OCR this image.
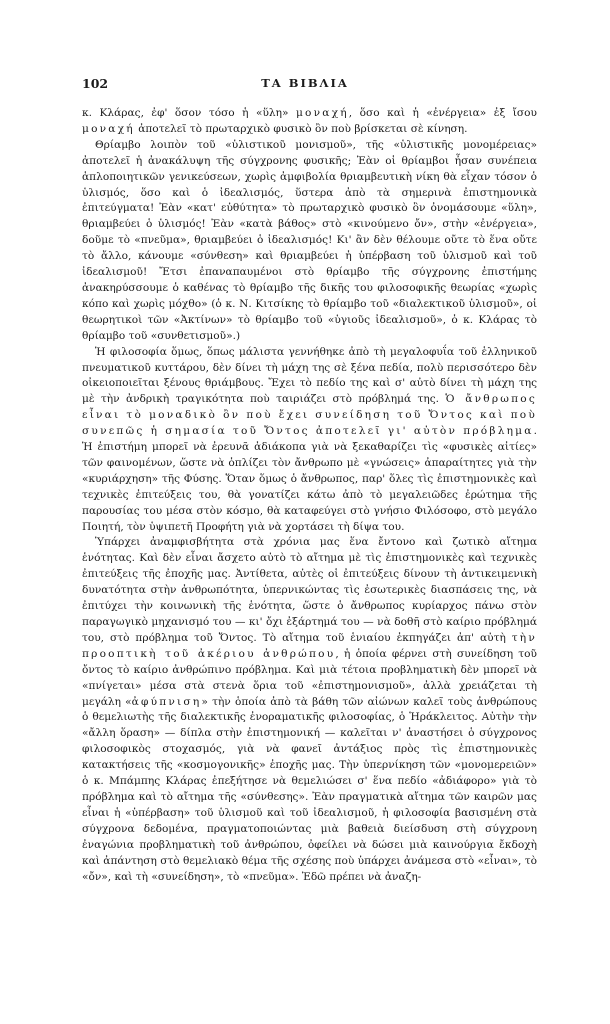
102	ΤΑ ΒΙΒΛΙΑ

κ. Κλάρας, ἐφ' ὅσον τόσο ἡ «ὕλη» μοναχή, ὅσο καὶ ἡ «ἐνέργεια» ἐξ ἴσου μοναχή ἀποτελεῖ τὸ πρωταρχικὸ φυσικὸ ὂν ποὺ βρίσκεται σὲ κίνηση.

Θρίαμβο λοιπὸν τοῦ «ὑλιστικοῦ μονισμοῦ», τῆς «ὑλιστικῆς μονομέρειας» ἀποτελεῖ ἡ ἀνακάλυψη τῆς σύγχρονης φυσικῆς; Ἐὰν οἱ θρίαμβοι ἦσαν συνέπεια ἁπλοποιητικῶν γενικεύσεων, χωρὶς ἀμφιβολία θριαμβευτικὴ νίκη θὰ εἶχαν τόσον ὁ ὑλισμός, ὅσο καὶ ὁ ἰδεαλισμός, ὕστερα ἀπὸ τὰ σημερινὰ ἐπιστημονικὰ ἐπιτεύγματα! Ἐὰν «κατ' εὐθύτητα» τὸ πρωταρχικὸ φυσικὸ ὂν ὀνομάσουμε «ὕλη», θριαμβεύει ὁ ὑλισμός! Ἐὰν «κατὰ βάθος» στὸ «κινούμενο ὄν», στὴν «ἐνέργεια», δοῦμε τὸ «πνεῦμα», θριαμβεύει ὁ ἰδεαλισμός! Κι' ἂν δὲν θέλουμε οὔτε τὸ ἕνα οὔτε τὸ ἄλλο, κάνουμε «σύνθεση» καὶ θριαμβεύει ἡ ὑπέρβαση τοῦ ὑλισμοῦ καὶ τοῦ ἰδεαλισμοῦ! Ἔτσι ἐπαναπαυμένοι στὸ θρίαμβο τῆς σύγχρονης ἐπιστήμης ἀνακηρύσσουμε ὁ καθένας τὸ θρίαμβο τῆς δικῆς του φιλοσοφικῆς θεωρίας «χωρὶς κόπο καὶ χωρὶς μόχθο» (ὁ κ. Ν. Κιτσίκης τὸ θρίαμβο τοῦ «διαλεκτικοῦ ὑλισμοῦ», οἱ θεωρητικοὶ τῶν «Ἀκτίνων» τὸ θρίαμβο τοῦ «ὑγιοῦς ἰδεαλισμοῦ», ὁ κ. Κλάρας τὸ θρίαμβο τοῦ «συνθετισμοῦ».)

Ἡ φιλοσοφία ὅμως, ὅπως μάλιστα γεννήθηκε ἀπὸ τὴ μεγαλοφυΐα τοῦ ἑλληνικοῦ πνευματικοῦ κυττάρου, δὲν δίνει τὴ μάχη της σὲ ξένα πεδία, πολὺ περισσότερο δὲν οἰκειοποιεῖται ξένους θριάμβους. Ἔχει τὸ πεδίο της καὶ σ' αὐτὸ δίνει τὴ μάχη της μὲ τὴν ἀνδρικὴ τραγικότητα ποὺ ταιριάζει στὸ πρόβλημά της. Ὁ ἄνθρωπος εἶναι τὸ μοναδικὸ ὂν ποὺ ἔχει συνείδηση τοῦ Ὄντος καὶ ποὺ συνεπῶς ἡ σημασία τοῦ Ὄντος ἀποτελεῖ γι' αὐτὸν πρόβλημα. Ἡ ἐπιστήμη μπορεῖ νὰ ἐρευνᾶ ἀδιάκοπα γιὰ νὰ ξεκαθαρίζει τὶς «φυσικὲς αἰτίες» τῶν φαινομένων, ὥστε νὰ ὁπλίζει τὸν ἄνθρωπο μὲ «γνώσεις» ἀπαραίτητες γιὰ τὴν «κυριάρχηση» τῆς Φύσης. Ὅταν ὅμως ὁ ἄνθρωπος, παρ' ὅλες τὶς ἐπιστημονικὲς καὶ τεχνικὲς ἐπιτεύξεις του, θὰ γονατίζει κάτω ἀπὸ τὸ μεγαλειῶδες ἐρώτημα τῆς παρουσίας του μέσα στὸν κόσμο, θὰ καταφεύγει στὸ γνήσιο Φιλόσοφο, στὸ μεγάλο Ποιητή, τὸν ὑψιπετῆ Προφήτη γιὰ νὰ χορτάσει τὴ δίψα του.

Ὑπάρχει ἀναμφισβήτητα στὰ χρόνια μας ἕνα ἔντονο καὶ ζωτικὸ αἴτημα ἑνότητας. Καὶ δὲν εἶναι ἄσχετο αὐτὸ τὸ αἴτημα μὲ τὶς ἐπιστημονικὲς καὶ τεχνικὲς ἐπιτεύξεις τῆς ἐποχῆς μας. Ἀντίθετα, αὐτὲς οἱ ἐπιτεύξεις δίνουν τὴ ἀντικειμενικὴ δυνατότητα στὴν ἀνθρωπότητα, ὑπερνικώντας τὶς ἐσωτερικὲς διασπάσεις της, νὰ ἐπιτύχει τὴν κοινωνικὴ τῆς ἑνότητα, ὥστε ὁ ἄνθρωπος κυρίαρχος πάνω στὸν παραγωγικὸ μηχανισμό του — κι' ὄχι ἐξάρτημά του — νὰ δοθῆ στὸ καίριο πρόβλημά του, στὸ πρόβλημα τοῦ Ὄντος. Τὸ αἴτημα τοῦ ἑνιαίου ἐκπηγάζει ἀπ' αὐτὴ τὴν προοπτικὴ τοῦ ἀκέριου ἀνθρώπου, ἡ ὁποία φέρνει στὴ συνείδηση τοῦ ὄντος τὸ καίριο ἀνθρώπινο πρόβλημα. Καὶ μιὰ τέτοια προβληματικὴ δὲν μπορεῖ νὰ «πνίγεται» μέσα στὰ στενὰ ὅρια τοῦ «ἐπιστημονισμοῦ», ἀλλὰ χρειάζεται τὴ μεγάλη «ἀφύπνιση» τὴν ὁποία ἀπὸ τὰ βάθη τῶν αἰώνων καλεῖ τοὺς ἀνθρώπους ὁ θεμελιωτὴς τῆς διαλεκτικῆς ἐνοραματικῆς φιλοσοφίας, ὁ Ἡράκλειτος. Αὐτὴν τὴν «ἄλλη ὅραση» — δίπλα στὴν ἐπιστημονική — καλεῖται ν' ἀναστήσει ὁ σύγχρονος φιλοσοφικὸς στοχασμός, γιὰ νὰ φανεῖ ἀντάξιος πρὸς τὶς ἐπιστημονικὲς κατακτήσεις τῆς «κοσμογονικῆς» ἐποχῆς μας. Τὴν ὑπερνίκηση τῶν «μονομερειῶν» ὁ κ. Μπάμπης Κλάρας ἐπεξήτησε νὰ θεμελιώσει σ' ἕνα πεδίο «ἀδιάφορο» γιὰ τὸ πρόβλημα καὶ τὸ αἴτημα τῆς «σύνθεσης». Ἐὰν πραγματικὰ αἴτημα τῶν καιρῶν μας εἶναι ἡ «ὑπέρβαση» τοῦ ὑλισμοῦ καὶ τοῦ ἰδεαλισμοῦ, ἡ φιλοσοφία βασισμένη στὰ σύγχρονα δεδομένα, πραγματοποιώντας μιὰ βαθειὰ διείσδυση στὴ σύγχρονη ἐναγώνια προβληματικὴ τοῦ ἀνθρώπου, ὀφείλει νὰ δώσει μιὰ καινούργια ἔκδοχὴ καὶ ἀπάντηση στὸ θεμελιακὸ θέμα τῆς σχέσης ποὺ ὑπάρχει ἀνάμεσα στὸ «εἶναι», τὸ «ὄν», καὶ τὴ «συνείδηση», τὸ «πνεῦμα». Ἐδῶ πρέπει νὰ ἀναζη-
